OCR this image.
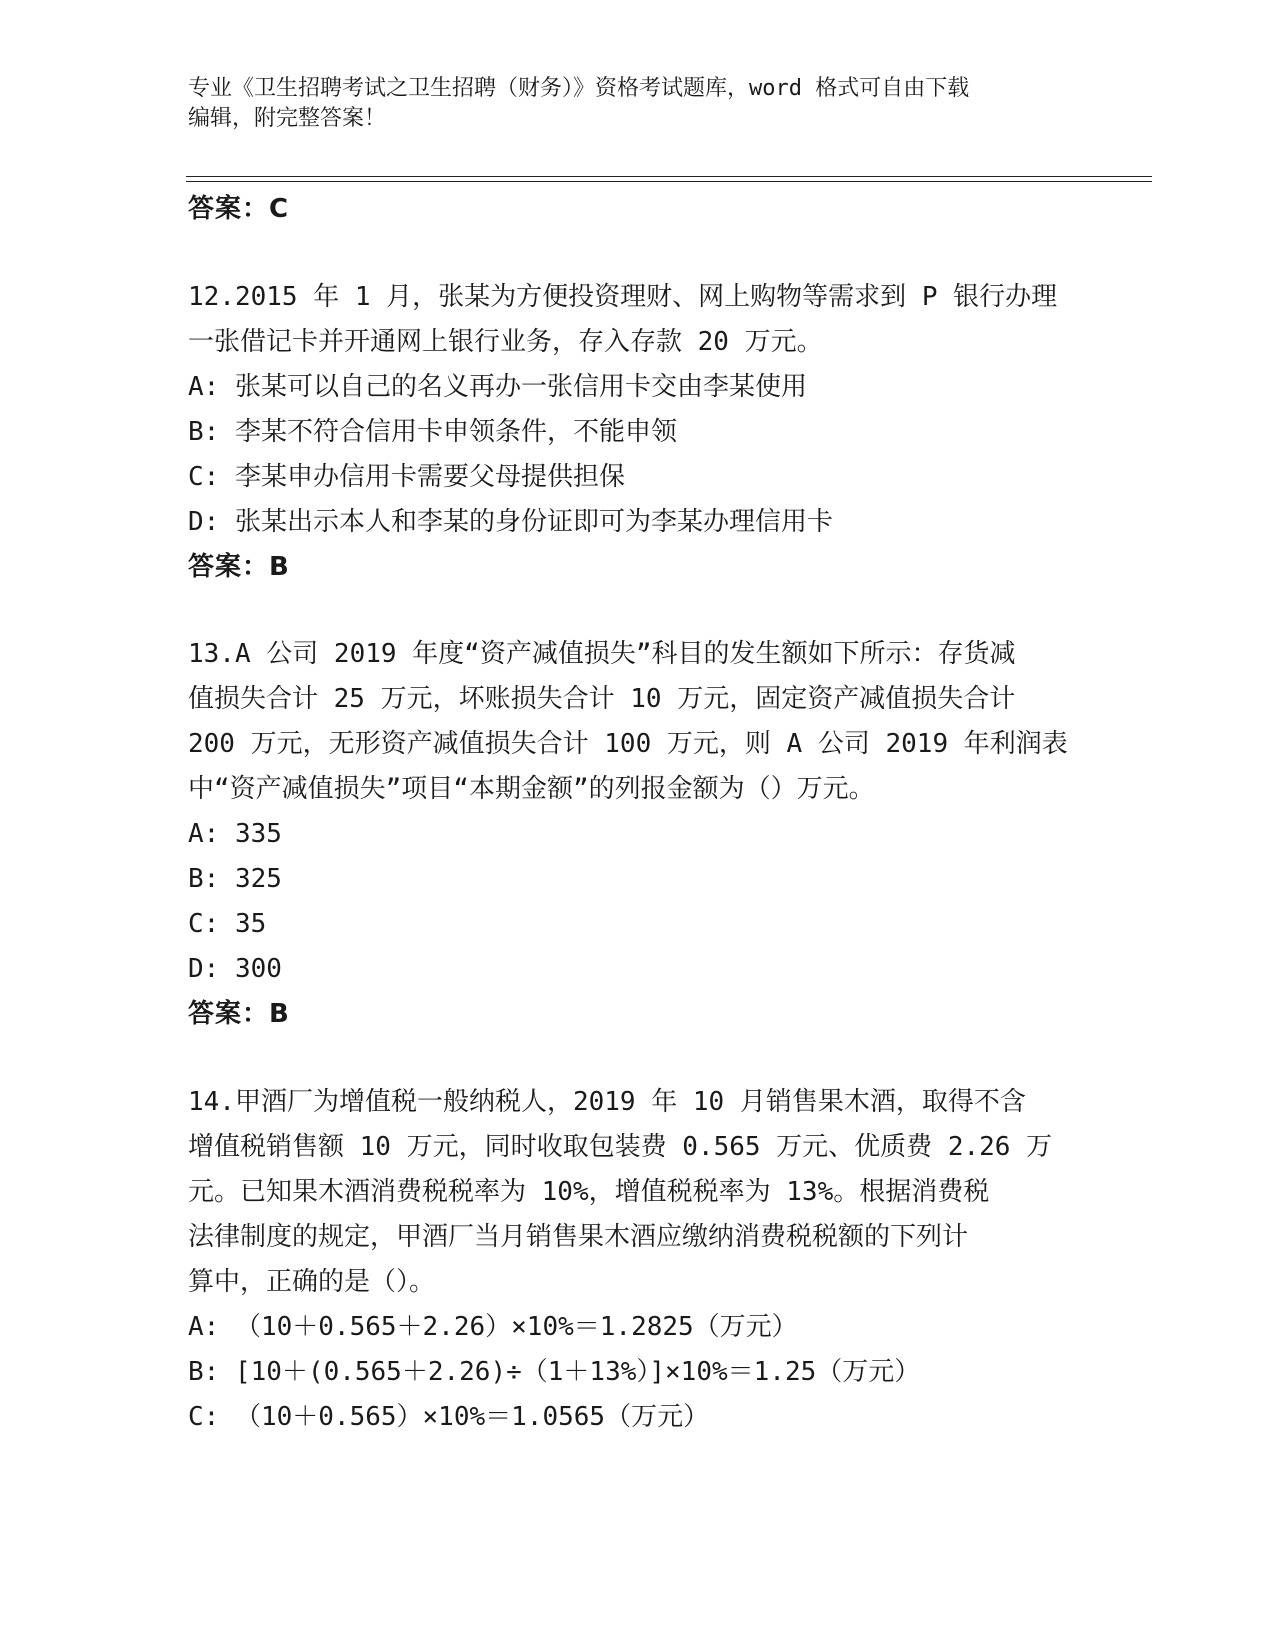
专业《卫生招聘考试之卫生招聘（财务）》资格考试题库，word 格式可自由下载
编辑，附完整答案！
答案：C
12.2015 年 1 月，张某为方便投资理财、网上购物等需求到 P 银行办理
一张借记卡并开通网上银行业务，存入存款 20 万元。
A: 张某可以自己的名义再办一张信用卡交由李某使用
B: 李某不符合信用卡申领条件，不能申领
C: 李某申办信用卡需要父母提供担保
D: 张某出示本人和李某的身份证即可为李某办理信用卡
答案：B
13.A 公司 2019 年度“资产减值损失”科目的发生额如下所示：存货减
值损失合计 25 万元，坏账损失合计 10 万元，固定资产减值损失合计
200 万元，无形资产减值损失合计 100 万元，则 A 公司 2019 年利润表
中“资产减值损失”项目“本期金额”的列报金额为（）万元。
A: 335
B: 325
C: 35
D: 300
答案：B
14.甲酒厂为增值税一般纳税人，2019 年 10 月销售果木酒，取得不含
增值税销售额 10 万元，同时收取包装费 0.565 万元、优质费 2.26 万
元。已知果木酒消费税税率为 10%，增值税税率为 13%。根据消费税
法律制度的规定，甲酒厂当月销售果木酒应缴纳消费税税额的下列计
算中，正确的是（）。
A: （10＋0.565＋2.26）×10%＝1.2825（万元）
B: [10＋(0.565＋2.26)÷（1＋13%）]×10%＝1.25（万元）
C: （10＋0.565）×10%＝1.0565（万元）
